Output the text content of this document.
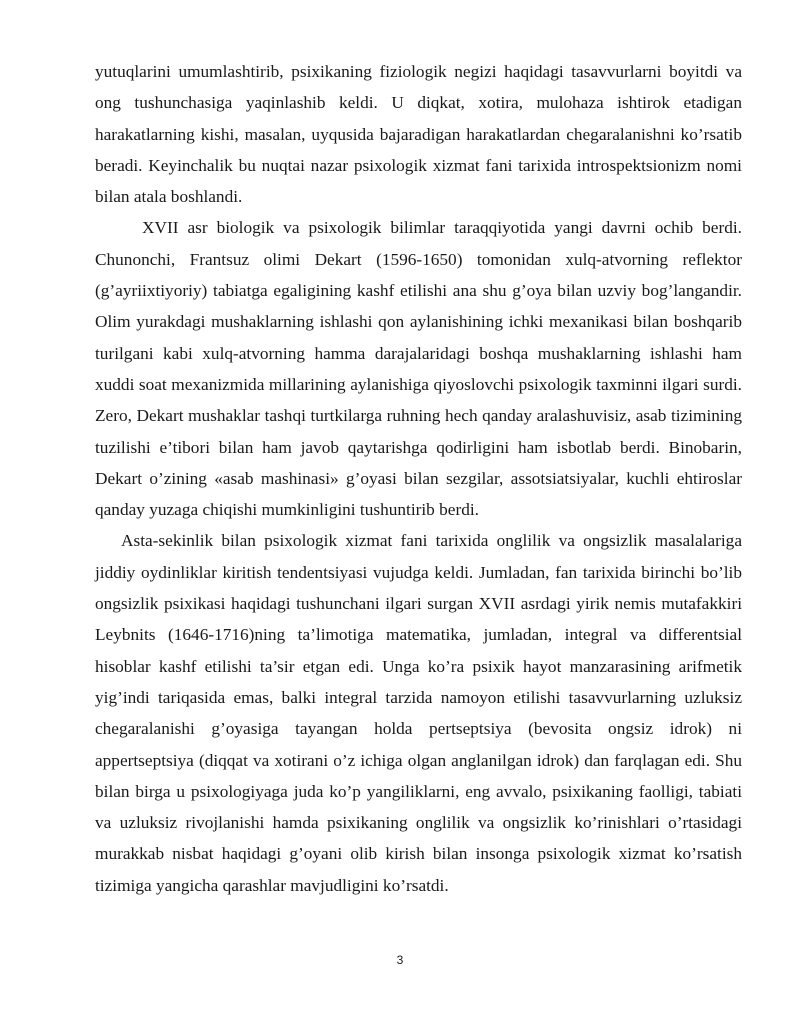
yutuqlarini umumlashtirib, psixikaning fiziologik negizi haqidagi tasavvurlarni boyitdi va ong tushunchasiga yaqinlashib keldi. U diqkat, xotira, mulohaza ishtirok etadigan harakatlarning kishi, masalan, uyqusida bajaradigan harakatlardan chegaralanishni ko’rsatib beradi. Keyinchalik bu nuqtai nazar psixologik xizmat fani tarixida introspektsionizm nomi bilan atala boshlandi.

XVII asr biologik va psixologik bilimlar taraqqiyotida yangi davrni ochib berdi. Chunonchi, Frantsuz olimi Dekart (1596-1650) tomonidan xulq-atvorning reflektor (g’ayriixtiyoriy) tabiatga egaligining kashf etilishi ana shu g’oya bilan uzviy bog’langandir. Olim yurakdagi mushaklarning ishlashi qon aylanishining ichki mexanikasi bilan boshqarib turilgani kabi xulq-atvorning hamma darajalaridagi boshqa mushaklarning ishlashi ham xuddi soat mexanizmida millarining aylanishiga qiyoslovchi psixologik taxminni ilgari surdi. Zero, Dekart mushaklar tashqi turtkilarga ruhning hech qanday aralashuvisiz, asab tizimining tuzilishi e’tibori bilan ham javob qaytarishga qodirligini ham isbotlab berdi. Binobarin, Dekart o’zining «asab mashinasi» g’oyasi bilan sezgilar, assotsiatsiyalar, kuchli ehtiroslar qanday yuzaga chiqishi mumkinligini tushuntirib berdi.

Asta-sekinlik bilan psixologik xizmat fani tarixida onglilik va ongsizlik masalalariga jiddiy oydinliklar kiritish tendentsiyasi vujudga keldi. Jumladan, fan tarixida birinchi bo’lib ongsizlik psixikasi haqidagi tushunchani ilgari surgan XVII asrdagi yirik nemis mutafakkiri Leybnits (1646-1716)ning ta’limotiga matematika, jumladan, integral va differentsial hisoblar kashf etilishi ta’sir etgan edi. Unga ko’ra psixik hayot manzarasining arifmetik yig’indi tariqasida emas, balki integral tarzida namoyon etilishi tasavvurlarning uzluksiz chegaralanishi g’oyasiga tayangan holda pertseptsiya (bevosita ongsiz idrok) ni appertseptsiya (diqqat va xotirani o’z ichiga olgan anglanilgan idrok) dan farqlagan edi. Shu bilan birga u psixologiyaga juda ko’p yangiliklarni, eng avvalo, psixikaning faolligi, tabiati va uzluksiz rivojlanishi hamda psixikaning onglilik va ongsizlik ko’rinishlari o’rtasidagi murakkab nisbat haqidagi g’oyani olib kirish bilan insonga psixologik xizmat ko’rsatish tizimiga yangicha qarashlar mavjudligini ko’rsatdi.

3
